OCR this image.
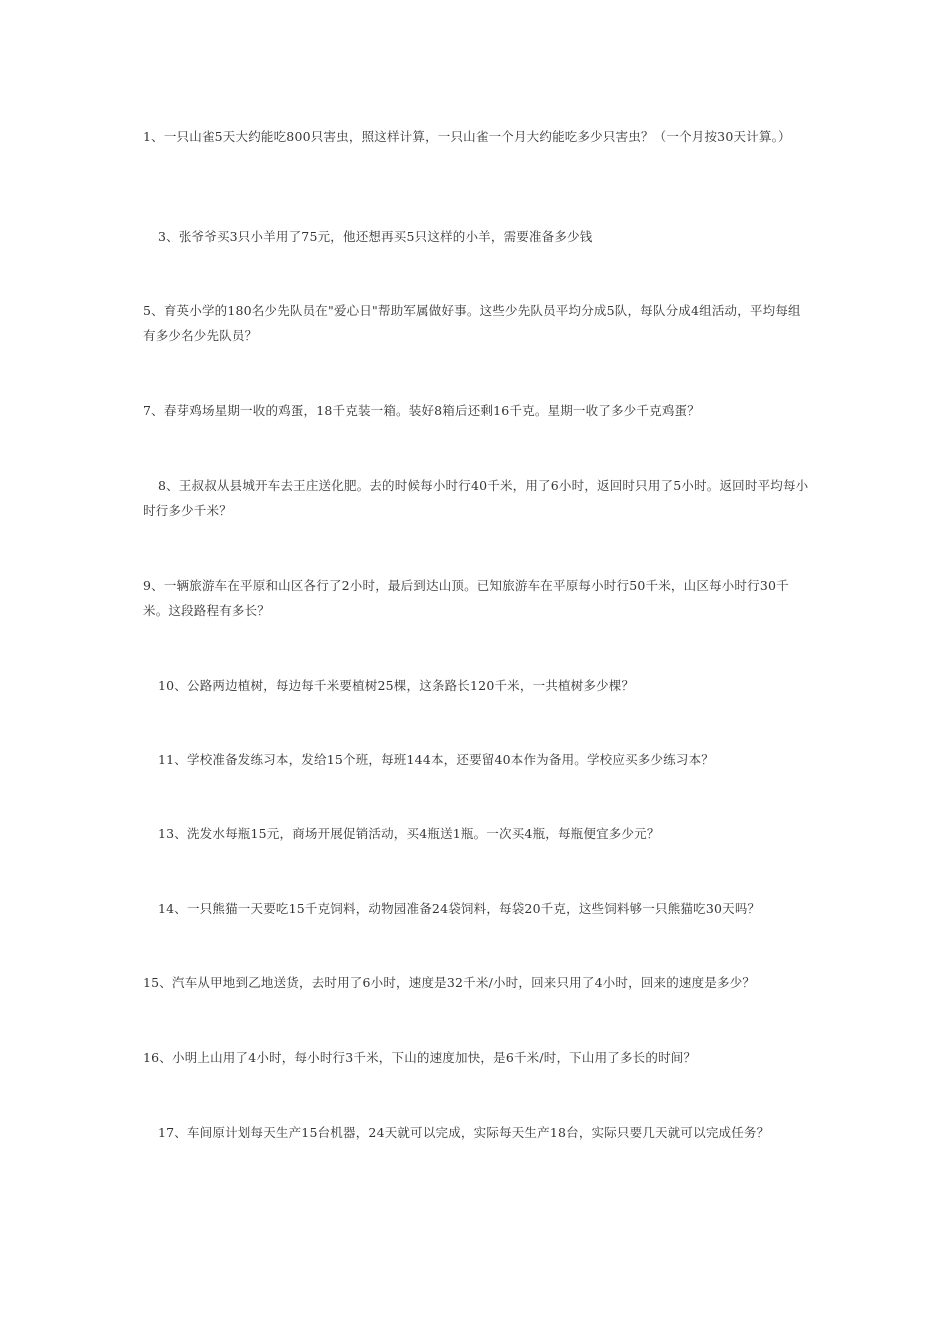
1、一只山雀5天大约能吃800只害虫，照这样计算，一只山雀一个月大约能吃多少只害虫？（一个月按30天计算。）

3、张爷爷买3只小羊用了75元，他还想再买5只这样的小羊，需要准备多少钱

5、育英小学的180名少先队员在"爱心日"帮助军属做好事。这些少先队员平均分成5队，每队分成4组活动，平均每组有多少名少先队员？

7、春芽鸡场星期一收的鸡蛋，18千克装一箱。装好8箱后还剩16千克。星期一收了多少千克鸡蛋？

8、王叔叔从县城开车去王庄送化肥。去的时候每小时行40千米，用了6小时，返回时只用了5小时。返回时平均每小时行多少千米？

9、一辆旅游车在平原和山区各行了2小时，最后到达山顶。已知旅游车在平原每小时行50千米，山区每小时行30千米。这段路程有多长？

10、公路两边植树，每边每千米要植树25棵，这条路长120千米，一共植树多少棵？

11、学校准备发练习本，发给15个班，每班144本，还要留40本作为备用。学校应买多少练习本？

13、洗发水每瓶15元，商场开展促销活动，买4瓶送1瓶。一次买4瓶，每瓶便宜多少元？

14、一只熊猫一天要吃15千克饲料，动物园准备24袋饲料，每袋20千克，这些饲料够一只熊猫吃30天吗？

15、汽车从甲地到乙地送货，去时用了6小时，速度是32千米/小时，回来只用了4小时，回来的速度是多少？

16、小明上山用了4小时，每小时行3千米，下山的速度加快，是6千米/时，下山用了多长的时间？

17、车间原计划每天生产15台机器，24天就可以完成，实际每天生产18台，实际只要几天就可以完成任务？
